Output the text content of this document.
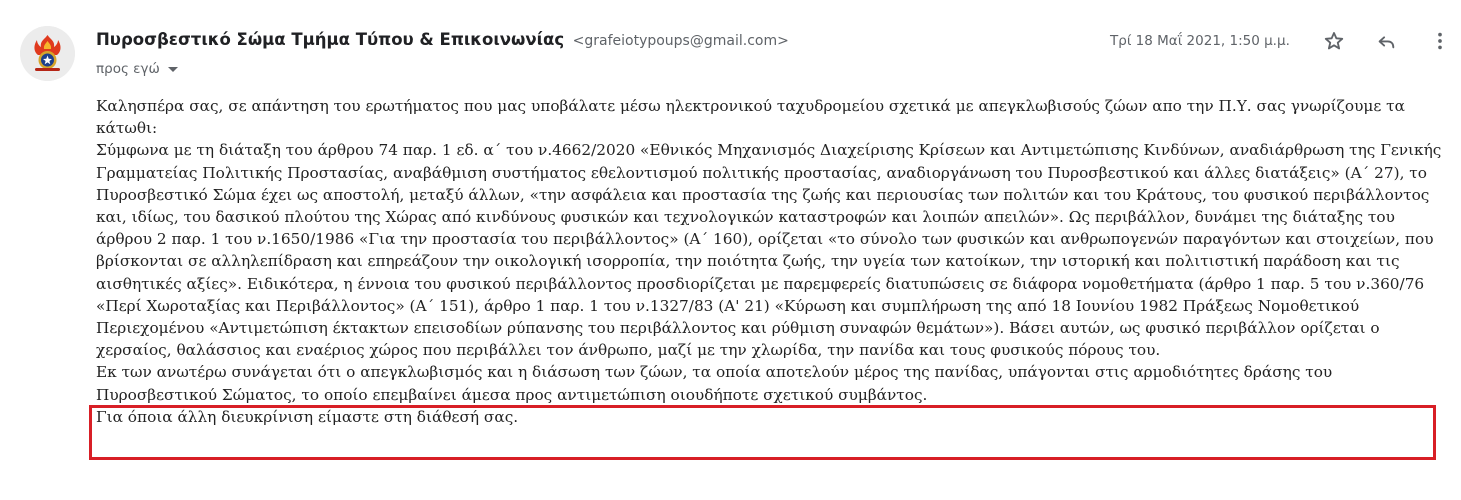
Πυροσβεστικό Σώμα Τμήμα Τύπου & Επικοινωνίας <grafeiotypoups@gmail.com>
προς εγώ
Τρί 18 Μαΐ 2021, 1:50 μ.μ.

Καλησπέρα σας, σε απάντηση του ερωτήματος που μας υποβάλατε μέσω ηλεκτρονικού ταχυδρομείου σχετικά με απεγκλωβισούς ζώων απο την Π.Υ. σας γνωρίζουμε τα κάτωθι:

Σύμφωνα με τη διάταξη του άρθρου 74 παρ. 1 εδ. α΄ του ν.4662/2020 «Εθνικός Μηχανισμός Διαχείρισης Κρίσεων και Αντιμετώπισης Κινδύνων, αναδιάρθρωση της Γενικής Γραμματείας Πολιτικής Προστασίας, αναβάθμιση συστήματος εθελοντισμού πολιτικής προστασίας, αναδιοργάνωση του Πυροσβεστικού και άλλες διατάξεις» (Α΄ 27), το Πυροσβεστικό Σώμα έχει ως αποστολή, μεταξύ άλλων, «την ασφάλεια και προστασία της ζωής και περιουσίας των πολιτών και του Κράτους, του φυσικού περιβάλλοντος και, ιδίως, του δασικού πλούτου της Χώρας από κινδύνους φυσικών και τεχνολογικών καταστροφών και λοιπών απειλών». Ως περιβάλλον, δυνάμει της διάταξης του άρθρου 2 παρ. 1 του ν.1650/1986 «Για την προστασία του περιβάλλοντος» (Α΄ 160), ορίζεται «το σύνολο των φυσικών και ανθρωπογενών παραγόντων και στοιχείων, που βρίσκονται σε αλληλεπίδραση και επηρεάζουν την οικολογική ισορροπία, την ποιότητα ζωής, την υγεία των κατοίκων, την ιστορική και πολιτιστική παράδοση και τις αισθητικές αξίες». Ειδικότερα, η έννοια του φυσικού περιβάλλοντος προσδιορίζεται με παρεμφερείς διατυπώσεις σε διάφορα νομοθετήματα (άρθρο 1 παρ. 5 του ν.360/76 «Περί Χωροταξίας και Περιβάλλοντος» (Α΄ 151), άρθρο 1 παρ. 1 του ν.1327/83 (Α' 21) «Κύρωση και συμπλήρωση της από 18 Ιουνίου 1982 Πράξεως Νομοθετικού Περιεχομένου «Αντιμετώπιση έκτακτων επεισοδίων ρύπανσης του περιβάλλοντος και ρύθμιση συναφών θεμάτων»). Βάσει αυτών, ως φυσικό περιβάλλον ορίζεται ο χερσαίος, θαλάσσιος και εναέριος χώρος που περιβάλλει τον άνθρωπο, μαζί με την χλωρίδα, την πανίδα και τους φυσικούς πόρους του.

Εκ των ανωτέρω συνάγεται ότι ο απεγκλωβισμός και η διάσωση των ζώων, τα οποία αποτελούν μέρος της πανίδας, υπάγονται στις αρμοδιότητες δράσης του Πυροσβεστικού Σώματος, το οποίο επεμβαίνει άμεσα προς αντιμετώπιση οιουδήποτε σχετικού συμβάντος.

Για όποια άλλη διευκρίνιση είμαστε στη διάθεσή σας.
